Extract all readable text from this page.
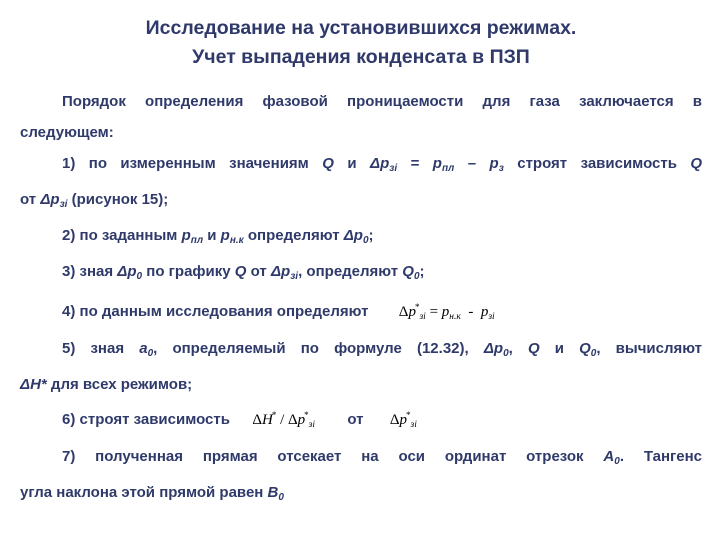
Исследование на установившихся режимах.
Учет выпадения конденсата в ПЗП

Порядок определения фазовой проницаемости для газа заключается в
следующем:

1) по измеренным значениям Q и $\Delta p_{зi} = p_{пл} - p_з$ строят зависимость Q
от $\Delta p_{зi}$ (рисунок 15);

2) по заданным $p_{пл}$ и $p_{н.к}$ определяют $\Delta p_0$;

3) зная $\Delta p_0$ по графику Q от $\Delta p_{зi}$, определяют $Q_0$;

4) по данным исследования определяют $\Delta p^*_{зi} = p_{н.к} - p_{зi}$

5) зная $a_0$, определяемый по формуле (12.32), $\Delta p_0$, Q и $Q_0$, вычисляют
ΔH* для всех режимов;

6) строят зависимость $\Delta H^* / \Delta p^*_{зi}$ от $\Delta p^*_{зi}$

7) полученная прямая отсекает на оси ординат отрезок $A_0$. Тангенс
угла наклона этой прямой равен $B_0$
